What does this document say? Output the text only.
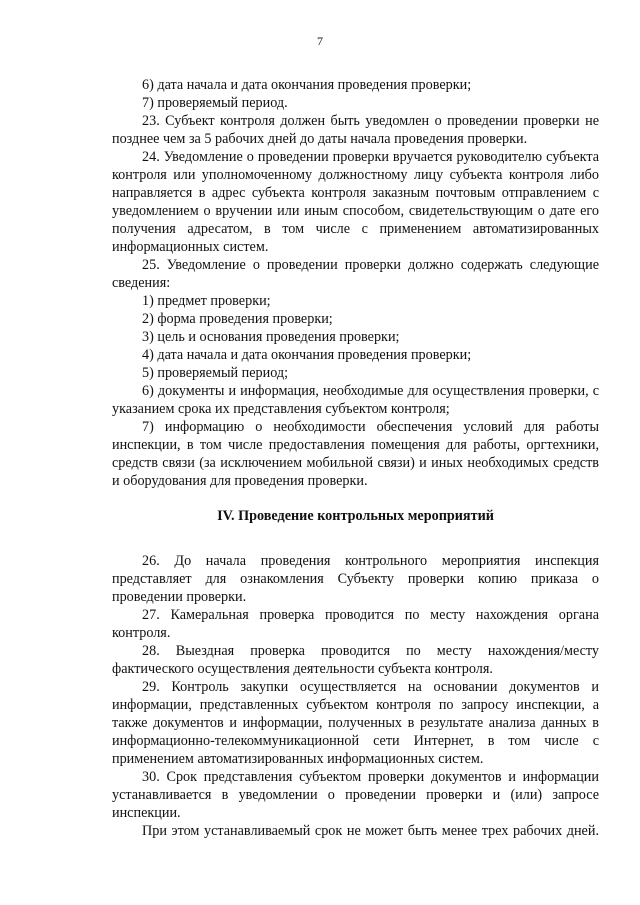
7

6) дата начала и дата окончания проведения проверки;

7) проверяемый период.

23. Субъект контроля должен быть уведомлен о проведении проверки не позднее чем за 5 рабочих дней до даты начала проведения проверки.

24. Уведомление о проведении проверки вручается руководителю субъекта контроля или уполномоченному должностному лицу субъекта контроля либо направляется в адрес субъекта контроля заказным почтовым отправлением с уведомлением о вручении или иным способом, свидетельствующим о дате его получения адресатом, в том числе с применением автоматизированных информационных систем.

25. Уведомление о проведении проверки должно содержать следующие сведения:

1) предмет проверки;

2) форма проведения проверки;

3) цель и основания проведения проверки;

4) дата начала и дата окончания проведения проверки;

5) проверяемый период;

6) документы и информация, необходимые для осуществления проверки, с указанием срока их представления субъектом контроля;

7) информацию о необходимости обеспечения условий для работы инспекции, в том числе предоставления помещения для работы, оргтехники, средств связи (за исключением мобильной связи) и иных необходимых средств и оборудования для проведения проверки.

IV. Проведение контрольных мероприятий

26. До начала проведения контрольного мероприятия инспекция представляет для ознакомления Субъекту проверки копию приказа о проведении проверки.

27. Камеральная проверка проводится по месту нахождения органа контроля.

28. Выездная проверка проводится по месту нахождения/месту фактического осуществления деятельности субъекта контроля.

29. Контроль закупки осуществляется на основании документов и информации, представленных субъектом контроля по запросу инспекции, а также документов и информации, полученных в результате анализа данных в информационно-телекоммуникационной сети Интернет, в том числе с применением автоматизированных информационных систем.

30. Срок представления субъектом проверки документов и информации устанавливается в уведомлении о проведении проверки и (или) запросе инспекции.

При этом устанавливаемый срок не может быть менее трех рабочих дней.
